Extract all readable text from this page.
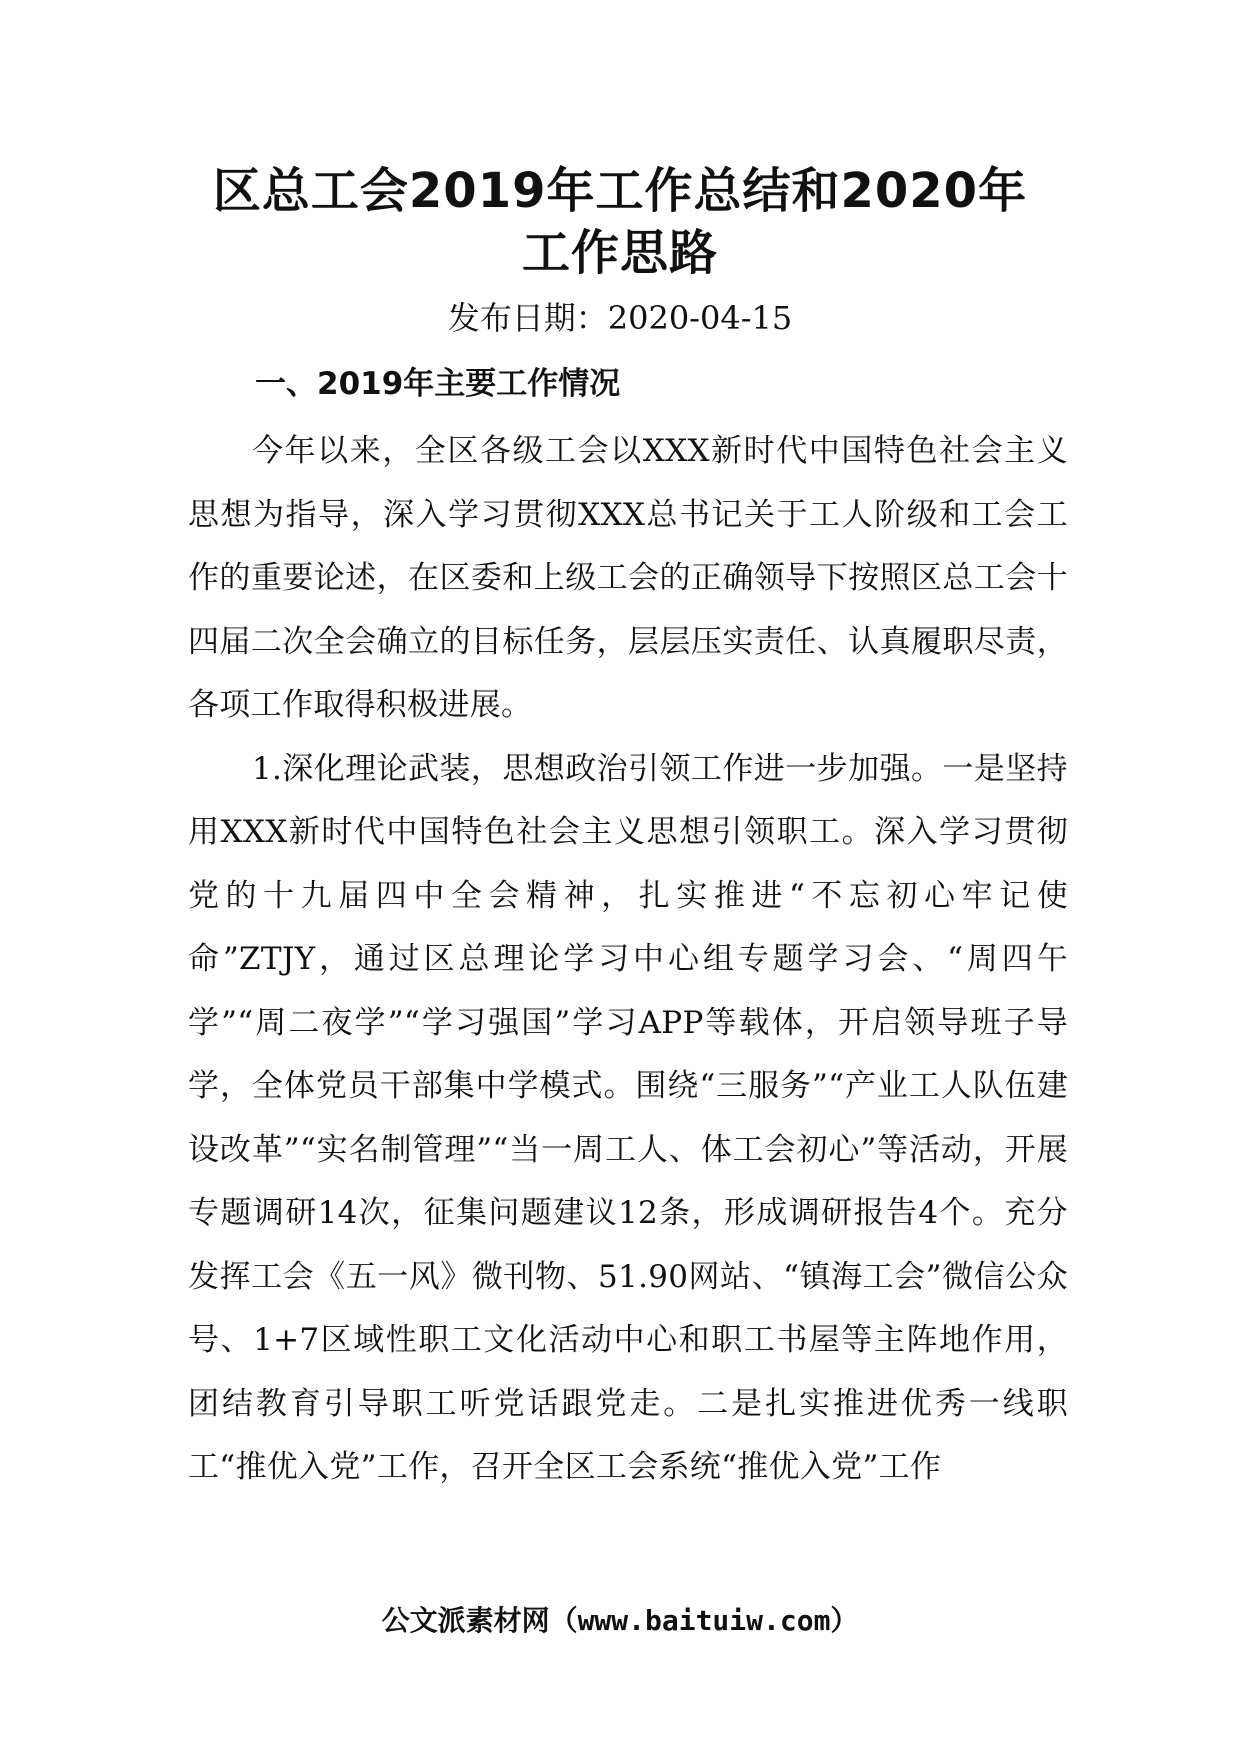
区总工会2019年工作总结和2020年工作思路
发布日期：2020-04-15
一、2019年主要工作情况

今年以来，全区各级工会以XXX新时代中国特色社会主义思想为指导，深入学习贯彻XXX总书记关于工人阶级和工会工作的重要论述，在区委和上级工会的正确领导下按照区总工会十四届二次全会确立的目标任务，层层压实责任、认真履职尽责，各项工作取得积极进展。

1.深化理论武装，思想政治引领工作进一步加强。一是坚持用XXX新时代中国特色社会主义思想引领职工。深入学习贯彻党的十九届四中全会精神，扎实推进“不忘初心牢记使命”ZTJY，通过区总理论学习中心组专题学习会、“周四午学”“周二夜学”“学习强国”学习APP等载体，开启领导班子导学，全体党员干部集中学模式。围绕“三服务”“产业工人队伍建设改革”“实名制管理”“当一周工人、体工会初心”等活动，开展专题调研14次，征集问题建议12条，形成调研报告4个。充分发挥工会《五一风》微刊物、51.90网站、“镇海工会”微信公众号、1+7区域性职工文化活动中心和职工书屋等主阵地作用，团结教育引导职工听党话跟党走。二是扎实推进优秀一线职工“推优入党”工作，召开全区工会系统“推优入党”工作

公文派素材网（www.baituiw.com）
